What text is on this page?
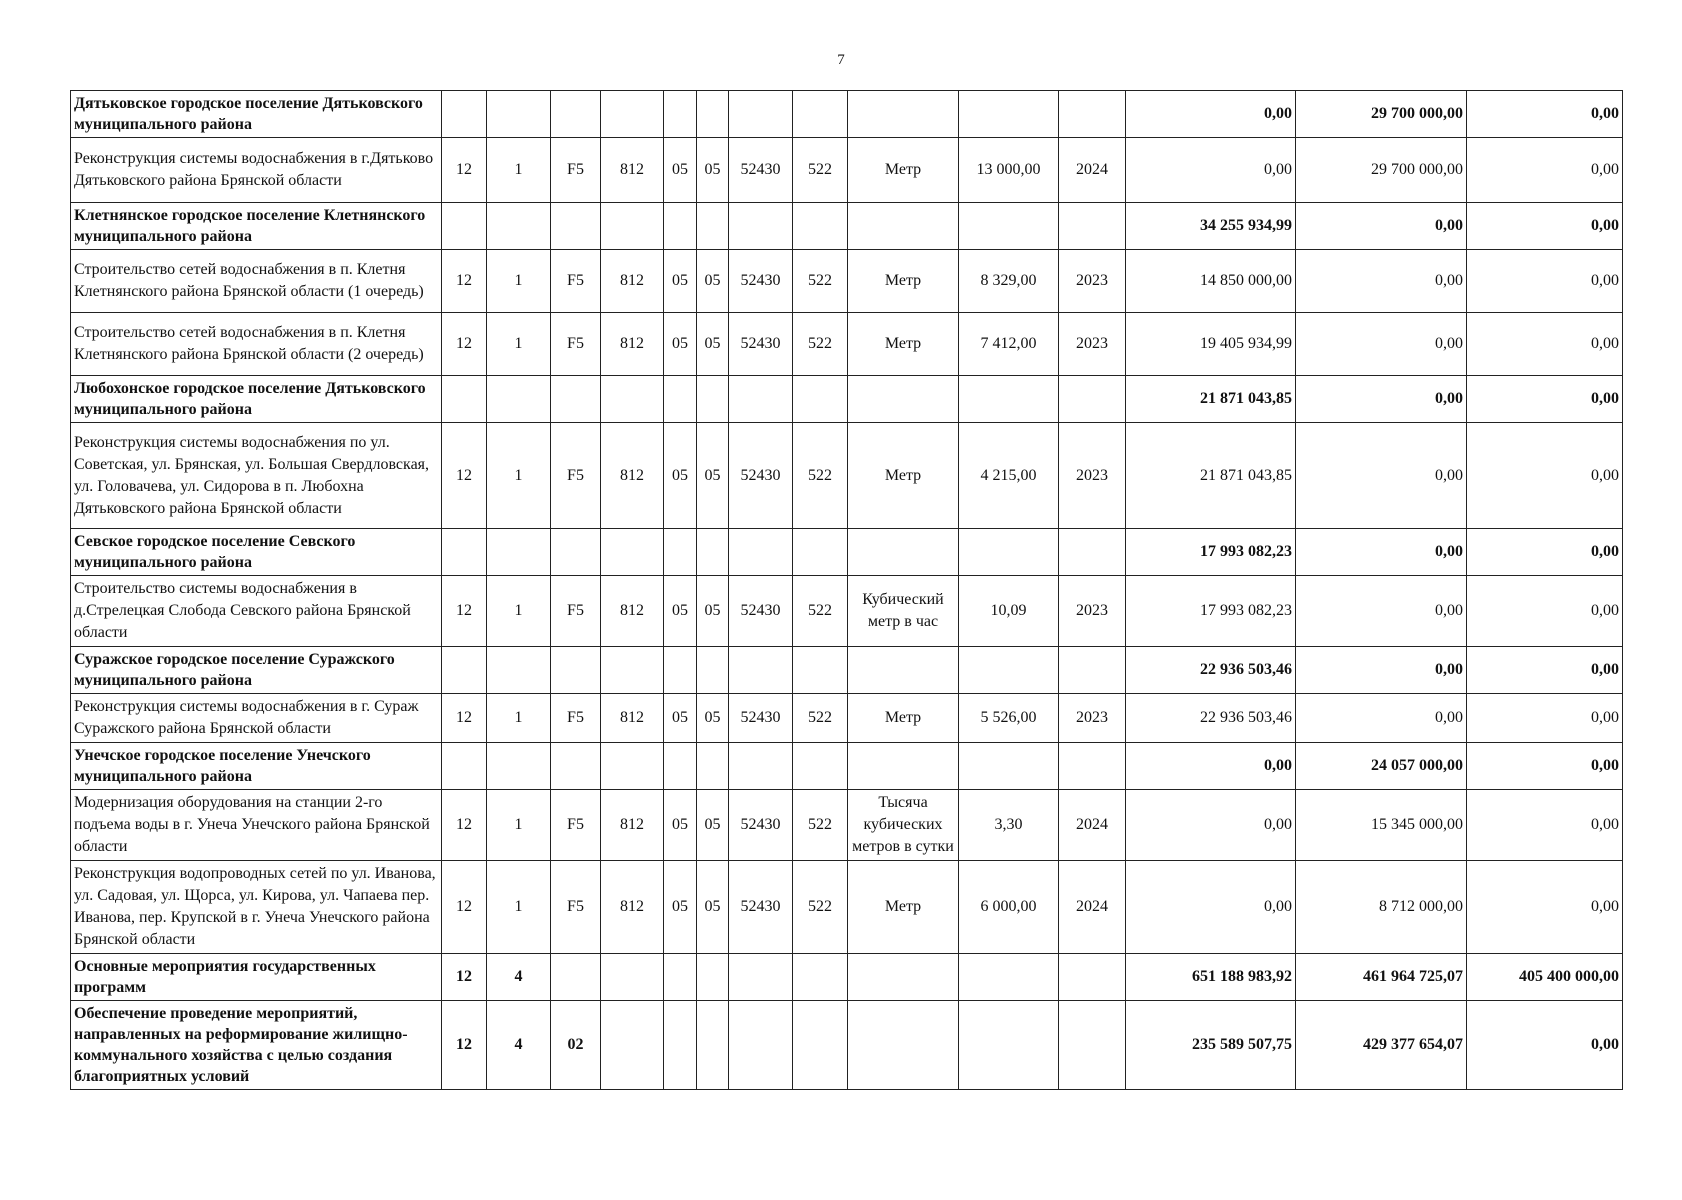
7
Дятьковское городское поселение Дятьковского муниципального района												0,00	29 700 000,00	0,00
Реконструкция системы водоснабжения в г.Дятьково Дятьковского района Брянской области	12	1	F5	812	05	05	52430	522	Метр	13 000,00	2024	0,00	29 700 000,00	0,00
Клетнянское городское поселение Клетнянского муниципального района												34 255 934,99	0,00	0,00
Строительство сетей водоснабжения в п. Клетня Клетнянского района Брянской области (1 очередь)	12	1	F5	812	05	05	52430	522	Метр	8 329,00	2023	14 850 000,00	0,00	0,00
Строительство сетей водоснабжения в п. Клетня Клетнянского района Брянской области (2 очередь)	12	1	F5	812	05	05	52430	522	Метр	7 412,00	2023	19 405 934,99	0,00	0,00
Любохонское городское поселение Дятьковского муниципального района												21 871 043,85	0,00	0,00
Реконструкция системы водоснабжения по ул. Советская, ул. Брянская, ул. Большая Свердловская, ул. Головачева, ул. Сидорова в п. Любохна Дятьковского района Брянской области	12	1	F5	812	05	05	52430	522	Метр	4 215,00	2023	21 871 043,85	0,00	0,00
Севское городское поселение Севского муниципального района												17 993 082,23	0,00	0,00
Строительство системы водоснабжения в д.Стрелецкая Слобода Севского района Брянской области	12	1	F5	812	05	05	52430	522	Кубический метр в час	10,09	2023	17 993 082,23	0,00	0,00
Суражское городское поселение Суражского муниципального района												22 936 503,46	0,00	0,00
Реконструкция системы водоснабжения в г. Сураж Суражского района Брянской области	12	1	F5	812	05	05	52430	522	Метр	5 526,00	2023	22 936 503,46	0,00	0,00
Унечское городское поселение Унечского муниципального района												0,00	24 057 000,00	0,00
Модернизация оборудования на станции 2-го подъема воды в г. Унеча Унечского района Брянской области	12	1	F5	812	05	05	52430	522	Тысяча кубических метров в сутки	3,30	2024	0,00	15 345 000,00	0,00
Реконструкция водопроводных сетей по ул. Иванова, ул. Садовая, ул. Щорса, ул. Кирова, ул. Чапаева пер. Иванова, пер. Крупской в г. Унеча Унечского района Брянской области	12	1	F5	812	05	05	52430	522	Метр	6 000,00	2024	0,00	8 712 000,00	0,00
Основные мероприятия государственных программ	12	4										651 188 983,92	461 964 725,07	405 400 000,00
Обеспечение проведение мероприятий, направленных на реформирование жилищно-коммунального хозяйства с целью создания благоприятных условий	12	4	02									235 589 507,75	429 377 654,07	0,00
